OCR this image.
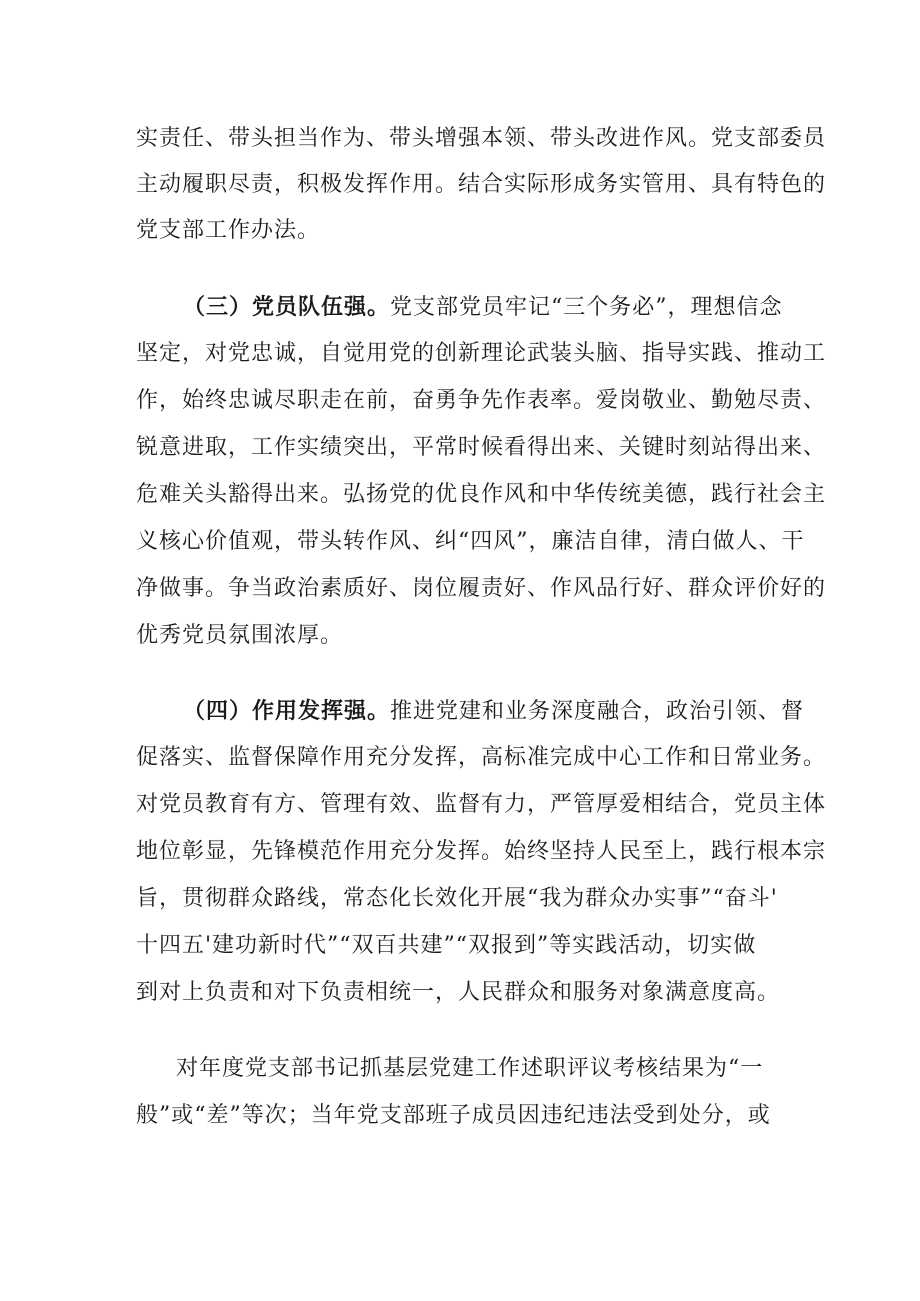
实责任、带头担当作为、带头增强本领、带头改进作风。党支部委员
主动履职尽责，积极发挥作用。结合实际形成务实管用、具有特色的
党支部工作办法。
（三）党员队伍强。党支部党员牢记“三个务必”，理想信念
坚定，对党忠诚，自觉用党的创新理论武装头脑、指导实践、推动工
作，始终忠诚尽职走在前，奋勇争先作表率。爱岗敬业、勤勉尽责、
锐意进取，工作实绩突出，平常时候看得出来、关键时刻站得出来、
危难关头豁得出来。弘扬党的优良作风和中华传统美德，践行社会主
义核心价值观，带头转作风、纠“四风”，廉洁自律，清白做人、干
净做事。争当政治素质好、岗位履责好、作风品行好、群众评价好的
优秀党员氛围浓厚。
（四）作用发挥强。推进党建和业务深度融合，政治引领、督
促落实、监督保障作用充分发挥，高标准完成中心工作和日常业务。
对党员教育有方、管理有效、监督有力，严管厚爱相结合，党员主体
地位彰显，先锋模范作用充分发挥。始终坚持人民至上，践行根本宗
旨，贯彻群众路线，常态化长效化开展“我为群众办实事”“奋斗'
十四五'建功新时代”“双百共建”“双报到”等实践活动，切实做
到对上负责和对下负责相统一，人民群众和服务对象满意度高。
对年度党支部书记抓基层党建工作述职评议考核结果为“一
般”或“差”等次；当年党支部班子成员因违纪违法受到处分，或
